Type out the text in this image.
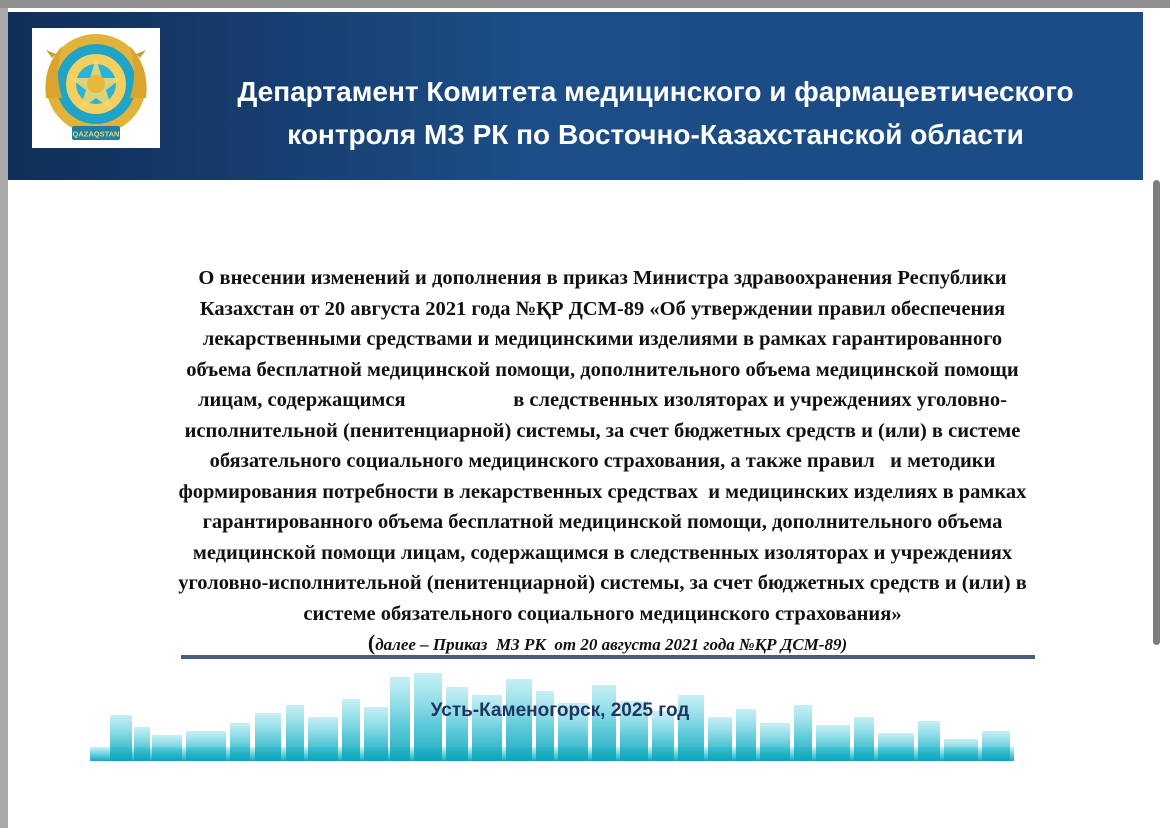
QAZAQSTAN
Департамент Комитета медицинского и фармацевтического
контроля МЗ РК по Восточно-Казахстанской области
О внесении изменений и дополнения в приказ Министра здравоохранения Республики
Казахстан от 20 августа 2021 года №ҚР ДСМ-89 «Об утверждении правил обеспечения
лекарственными средствами и медицинскими изделиями в рамках гарантированного
объема бесплатной медицинской помощи, дополнительного объема медицинской помощи
лицам, содержащимся                     в следственных изоляторах и учреждениях уголовно-
исполнительной (пенитенциарной) системы, за счет бюджетных средств и (или) в системе
обязательного социального медицинского страхования, а также правил   и методики
формирования потребности в лекарственных средствах  и медицинских изделиях в рамках
гарантированного объема бесплатной медицинской помощи, дополнительного объема
медицинской помощи лицам, содержащимся в следственных изоляторах и учреждениях
уголовно-исполнительной (пенитенциарной) системы, за счет бюджетных средств и (или) в
системе обязательного социального медицинского страхования»
(далее – Приказ  МЗ РК  от 20 августа 2021 года №ҚР ДСМ-89)
Усть-Каменогорск, 2025 год
